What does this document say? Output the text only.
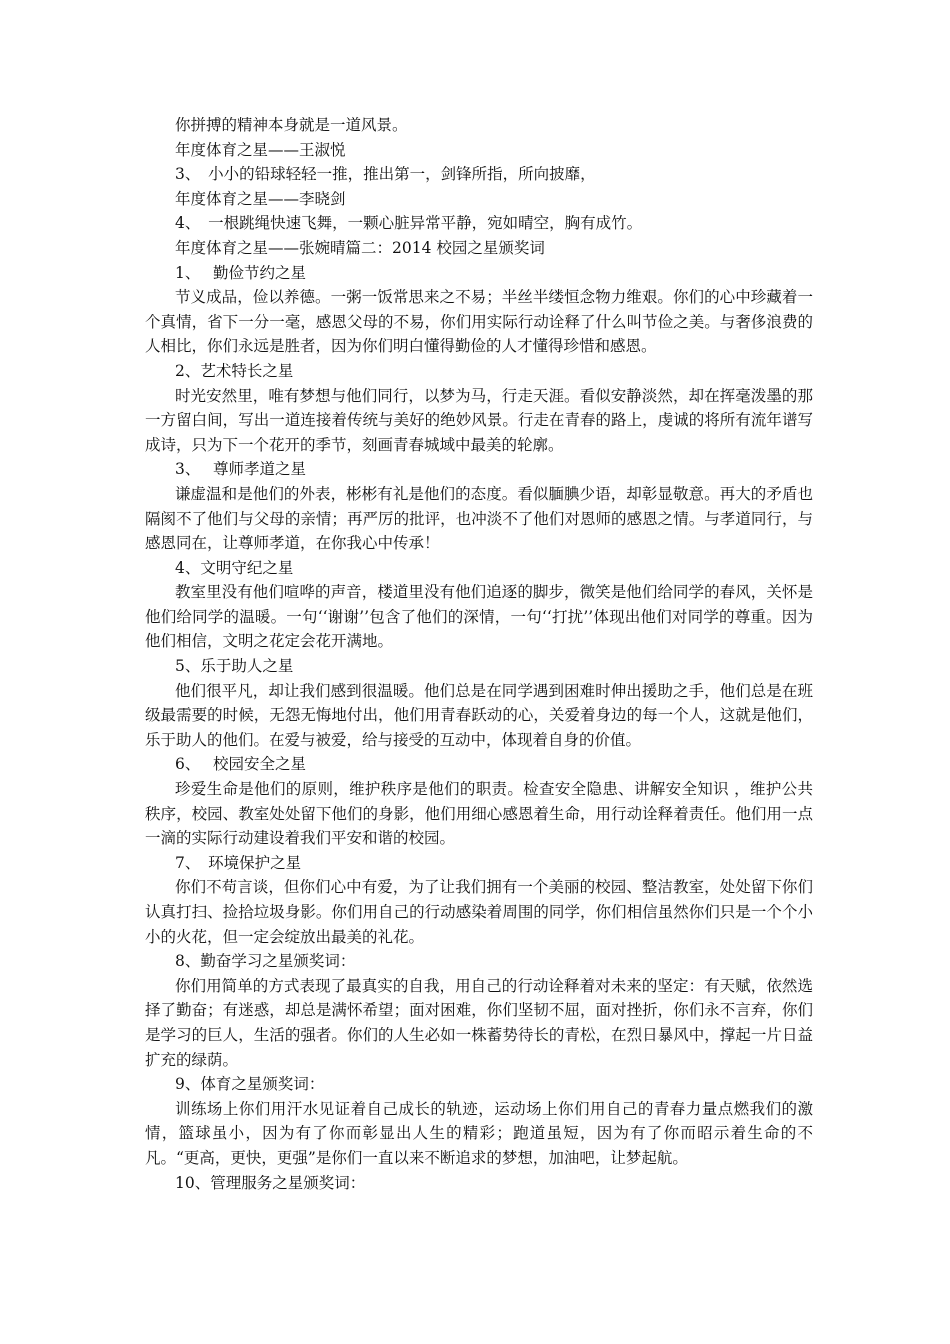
你拼搏的精神本身就是一道风景。
年度体育之星——王淑悦
3、　小小的铅球轻轻一推，推出第一，剑锋所指，所向披靡，
年度体育之星——李晓剑
4、　一根跳绳快速飞舞，一颗心脏异常平静，宛如晴空，胸有成竹。
年度体育之星——张婉晴篇二：2014 校园之星颁奖词
1、　 勤俭节约之星
节义成品，俭以养德。一粥一饭常思来之不易；半丝半缕恒念物力维艰。你们的心中珍藏着一个真情，省下一分一毫，感恩父母的不易，你们用实际行动诠释了什么叫节俭之美。与奢侈浪费的人相比，你们永远是胜者，因为你们明白懂得勤俭的人才懂得珍惜和感恩。
2、艺术特长之星
时光安然里，唯有梦想与他们同行，以梦为马，行走天涯。看似安静淡然，却在挥毫泼墨的那一方留白间，写出一道连接着传统与美好的绝妙风景。行走在青春的路上，虔诚的将所有流年谱写成诗，只为下一个花开的季节，刻画青春城域中最美的轮廓。
3、　 尊师孝道之星
谦虚温和是他们的外表，彬彬有礼是他们的态度。看似腼腆少语，却彰显敬意。再大的矛盾也隔阂不了他们与父母的亲情；再严厉的批评，也冲淡不了他们对恩师的感恩之情。与孝道同行，与感恩同在，让尊师孝道，在你我心中传承！
4、文明守纪之星
教室里没有他们喧哗的声音，楼道里没有他们追逐的脚步，微笑是他们给同学的春风，关怀是他们给同学的温暖。一句‘‘谢谢’’包含了他们的深情，一句‘‘打扰’’体现出他们对同学的尊重。因为他们相信，文明之花定会花开满地。
5、乐于助人之星
他们很平凡，却让我们感到很温暖。他们总是在同学遇到困难时伸出援助之手，他们总是在班级最需要的时候，无怨无悔地付出，他们用青春跃动的心，关爱着身边的每一个人，这就是他们，乐于助人的他们。在爱与被爱，给与接受的互动中，体现着自身的价值。
6、　 校园安全之星
珍爱生命是他们的原则，维护秩序是他们的职责。检查安全隐患、讲解安全知识 ，维护公共秩序，校园、教室处处留下他们的身影，他们用细心感恩着生命，用行动诠释着责任。他们用一点一滴的实际行动建设着我们平安和谐的校园。
7、　环境保护之星
你们不苟言谈，但你们心中有爱，为了让我们拥有一个美丽的校园、整洁教室，处处留下你们认真打扫、捡拾垃圾身影。你们用自己的行动感染着周围的同学，你们相信虽然你们只是一个个小小的火花，但一定会绽放出最美的礼花。
8、勤奋学习之星颁奖词：
你们用简单的方式表现了最真实的自我，用自己的行动诠释着对未来的坚定：有天赋，依然选择了勤奋；有迷惑，却总是满怀希望；面对困难，你们坚韧不屈，面对挫折，你们永不言弃，你们是学习的巨人，生活的强者。你们的人生必如一株蓄势待长的青松，在烈日暴风中，撑起一片日益扩充的绿荫。
9、体育之星颁奖词：
训练场上你们用汗水见证着自己成长的轨迹，运动场上你们用自己的青春力量点燃我们的激情，篮球虽小，因为有了你而彰显出人生的精彩；跑道虽短，因为有了你而昭示着生命的不凡。“更高，更快，更强”是你们一直以来不断追求的梦想，加油吧，让梦起航。
10、管理服务之星颁奖词：
